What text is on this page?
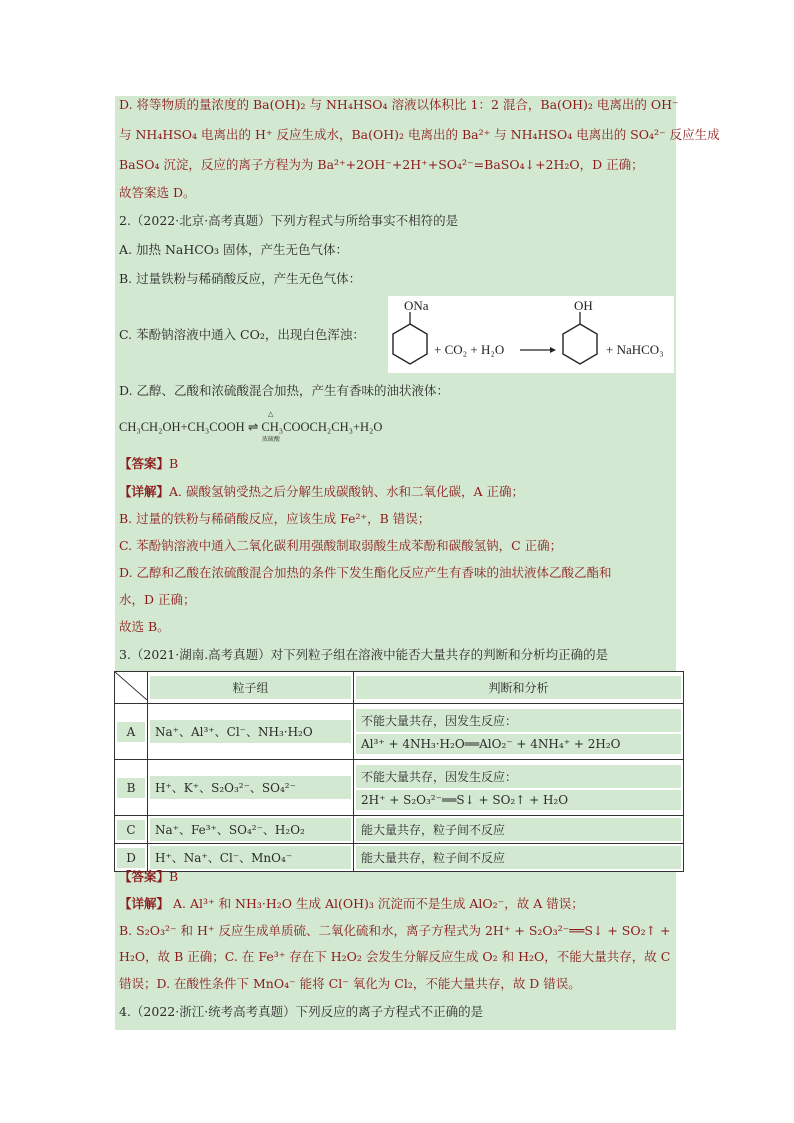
D. 将等物质的量浓度的 Ba(OH)₂ 与 NH₄HSO₄ 溶液以体积比 1：2 混合，Ba(OH)₂ 电离出的 OH⁻
与 NH₄HSO₄ 电离出的 H⁺ 反应生成水，Ba(OH)₂ 电离出的 Ba²⁺ 与 NH₄HSO₄ 电离出的 SO₄²⁻ 反应生成
BaSO₄ 沉淀，反应的离子方程为为 Ba²⁺+2OH⁻+2H⁺+SO₄²⁻=BaSO₄↓+2H₂O，D 正确；
故答案选 D。
2.（2022·北京·高考真题）下列方程式与所给事实不相符的是
A. 加热 NaHCO₃ 固体，产生无色气体：
B. 过量铁粉与稀硝酸反应，产生无色气体：
C. 苯酚钠溶液中通入 CO₂，出现白色浑浊：
ONa
+ CO₂ + H₂O
OH
+ NaHCO₃
D. 乙醇、乙酸和浓硫酸混合加热，产生有香味的油状液体：
CH₃CH₂OH+CH₃COOH ⇌ CH₃COOCH₂CH₃+H₂O
△
浓硫酸
【答案】B
【详解】A. 碳酸氢钠受热之后分解生成碳酸钠、水和二氧化碳，A 正确；
B. 过量的铁粉与稀硝酸反应，应该生成 Fe²⁺，B 错误；
C. 苯酚钠溶液中通入二氧化碳利用强酸制取弱酸生成苯酚和碳酸氢钠，C 正确；
D. 乙醇和乙酸在浓硫酸混合加热的条件下发生酯化反应产生有香味的油状液体乙酸乙酯和
水，D 正确；
故选 B。
3.（2021·湖南.高考真题）对下列粒子组在溶液中能否大量共存的判断和分析均正确的是

粒子组	判断和分析

A	Na⁺、Al³⁺、Cl⁻、NH₃·H₂O	不能大量共存，因发生反应：
Al³⁺ + 4NH₃·H₂O══AlO₂⁻ + 4NH₄⁺ + 2H₂O

B	H⁺、K⁺、S₂O₃²⁻、SO₄²⁻	不能大量共存，因发生反应：
2H⁺ + S₂O₃²⁻══S↓ + SO₂↑ + H₂O

C	Na⁺、Fe³⁺、SO₄²⁻、H₂O₂	能大量共存，粒子间不反应

D	H⁺、Na⁺、Cl⁻、MnO₄⁻	能大量共存，粒子间不反应
【答案】B
【详解】 A. Al³⁺ 和 NH₃·H₂O 生成 Al(OH)₃ 沉淀而不是生成 AlO₂⁻，故 A 错误；
B. S₂O₃²⁻ 和 H⁺ 反应生成单质硫、二氧化硫和水，离子方程式为 2H⁺ + S₂O₃²⁻══S↓ + SO₂↑ +
H₂O，故 B 正确；C. 在 Fe³⁺ 存在下 H₂O₂ 会发生分解反应生成 O₂ 和 H₂O，不能大量共存，故 C
错误；D. 在酸性条件下 MnO₄⁻ 能将 Cl⁻ 氧化为 Cl₂，不能大量共存，故 D 错误。
4.（2022·浙江·统考高考真题）下列反应的离子方程式不正确的是
